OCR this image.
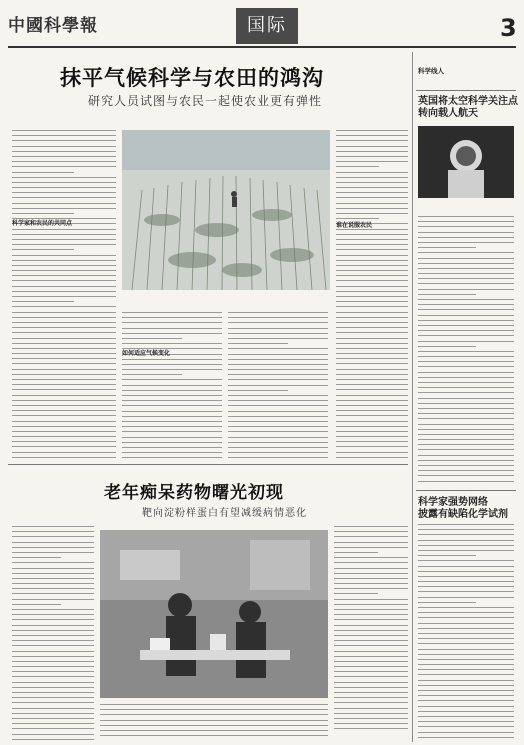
中國科學報	国际	3
抹平气候科学与农田的鸿沟
研究人员试图与农民一起使农业更有弹性
科学家和农民的共同点
如何适应气候变化
谁在说服农民
老年痴呆药物曙光初现
靶向淀粉样蛋白有望减缓病情恶化
科学线人
英国将太空科学关注点
转向载人航天
科学家强势网络
披露有缺陷化学试剂
